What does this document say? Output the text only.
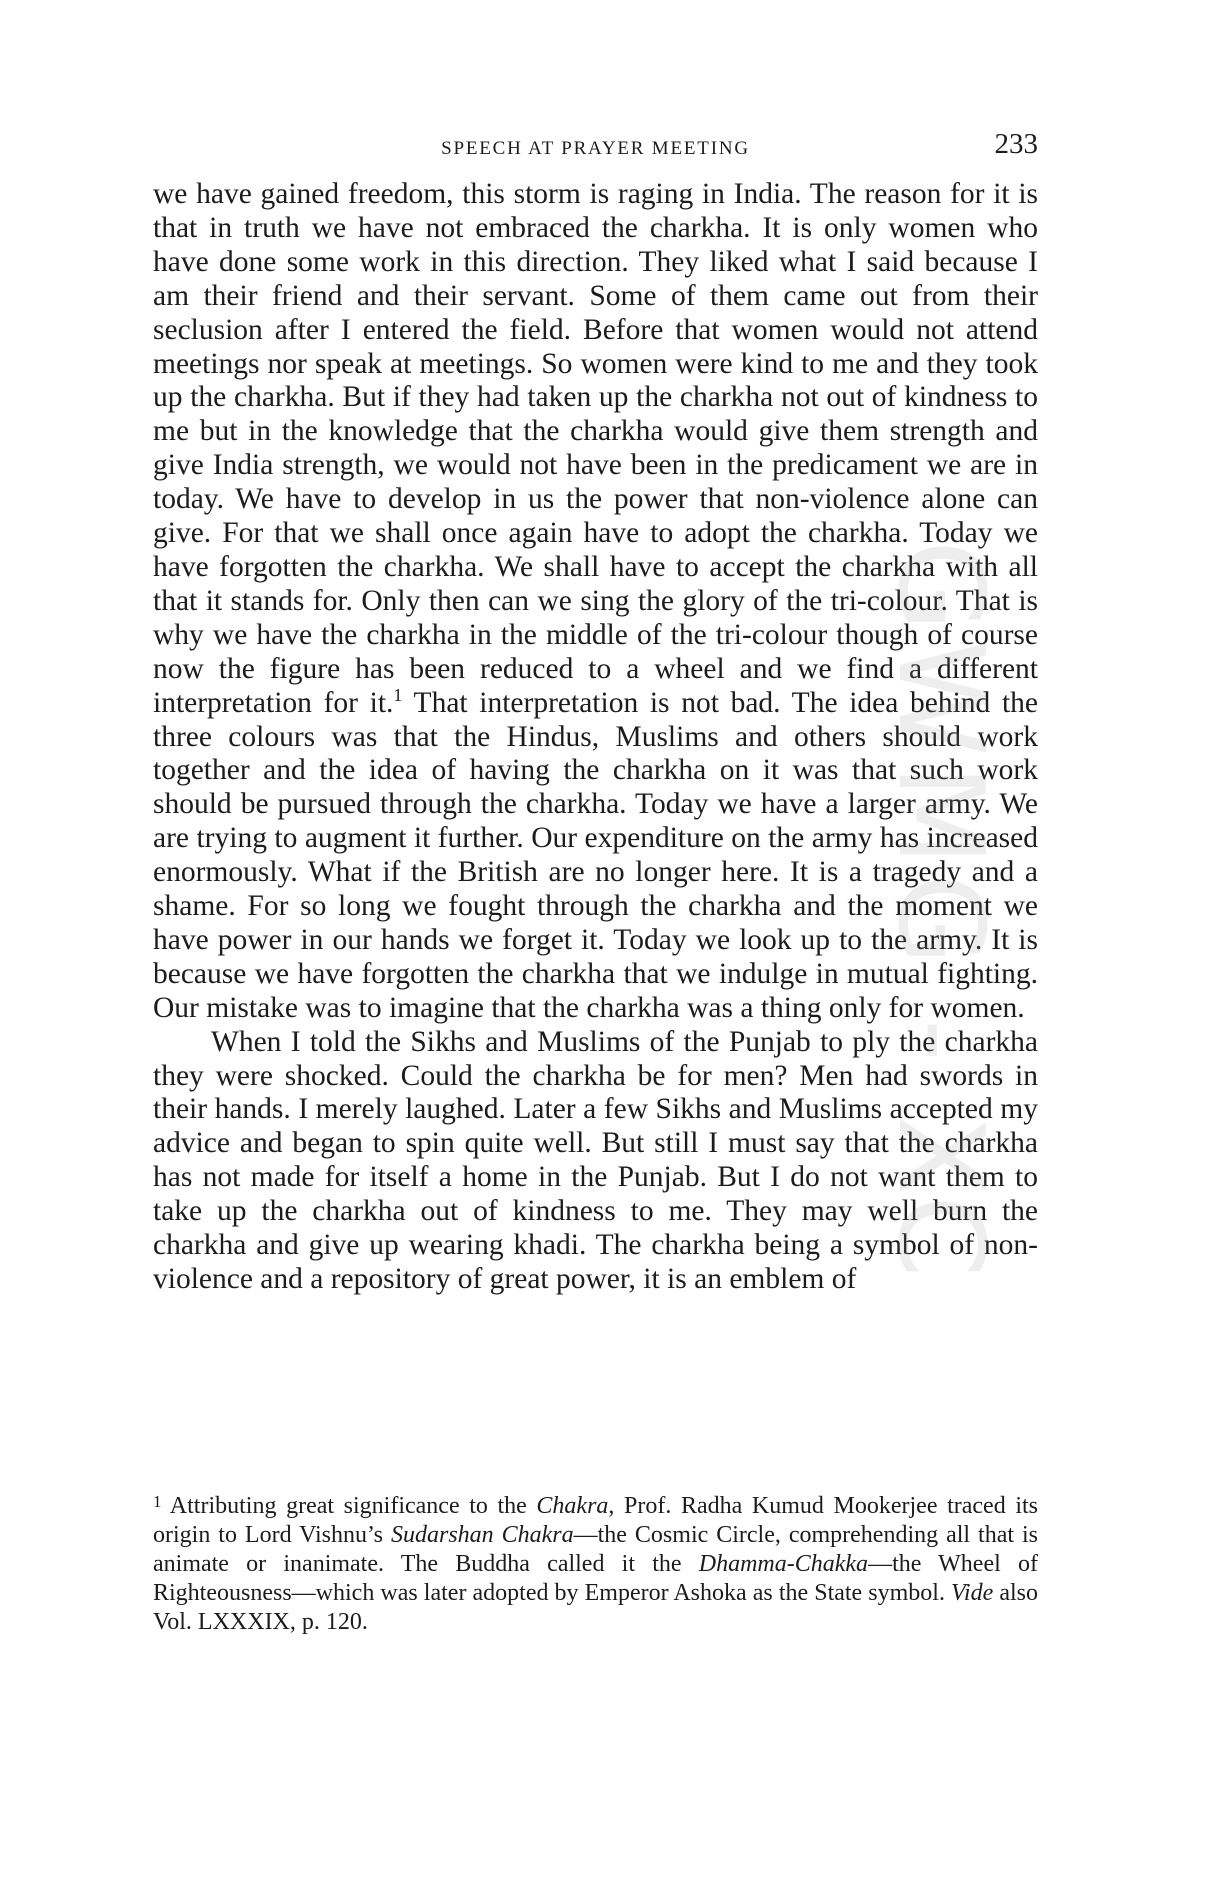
SPEECH AT PRAYER MEETING	233

we have gained freedom, this storm is raging in India. The reason for it is that in truth we have not embraced the charkha. It is only women who have done some work in this direction. They liked what I said because I am their friend and their servant. Some of them came out from their seclusion after I entered the field. Before that women would not attend meetings nor speak at meetings. So women were kind to me and they took up the charkha. But if they had taken up the charkha not out of kindness to me but in the knowledge that the charkha would give them strength and give India strength, we would not have been in the predicament we are in today. We have to develop in us the power that non-violence alone can give. For that we shall once again have to adopt the charkha. Today we have forgotten the charkha. We shall have to accept the charkha with all that it stands for. Only then can we sing the glory of the tri-colour. That is why we have the charkha in the middle of the tri-colour though of course now the figure has been reduced to a wheel and we find a different interpretation for it.$^1$ That interpretation is not bad. The idea behind the three colours was that the Hindus, Muslims and others should work together and the idea of having the charkha on it was that such work should be pursued through the charkha. Today we have a larger army. We are trying to augment it further. Our expenditure on the army has increased enormously. What if the British are no longer here. It is a tragedy and a shame. For so long we fought through the charkha and the moment we have power in our hands we forget it. Today we look up to the army. It is because we have forgotten the charkha that we indulge in mutual fighting. Our mistake was to imagine that the charkha was a thing only for women.

When I told the Sikhs and Muslims of the Punjab to ply the charkha they were shocked. Could the charkha be for men? Men had swords in their hands. I merely laughed. Later a few Sikhs and Muslims accepted my advice and began to spin quite well. But still I must say that the charkha has not made for itself a home in the Punjab. But I do not want them to take up the charkha out of kindness to me. They may well burn the charkha and give up wearing khadi. The charkha being a symbol of non-violence and a repository of great power, it is an emblem of

$^1$ Attributing great significance to the Chakra, Prof. Radha Kumud Mookerjee traced its origin to Lord Vishnu’s Sudarshan Chakra—the Cosmic Circle, comprehending all that is animate or inanimate. The Buddha called it the Dhamma-Chakka—the Wheel of Righteousness—which was later adopted by Emperor Ashoka as the State symbol. Vide also Vol. LXXXIX, p. 120.
GWMG - XC
